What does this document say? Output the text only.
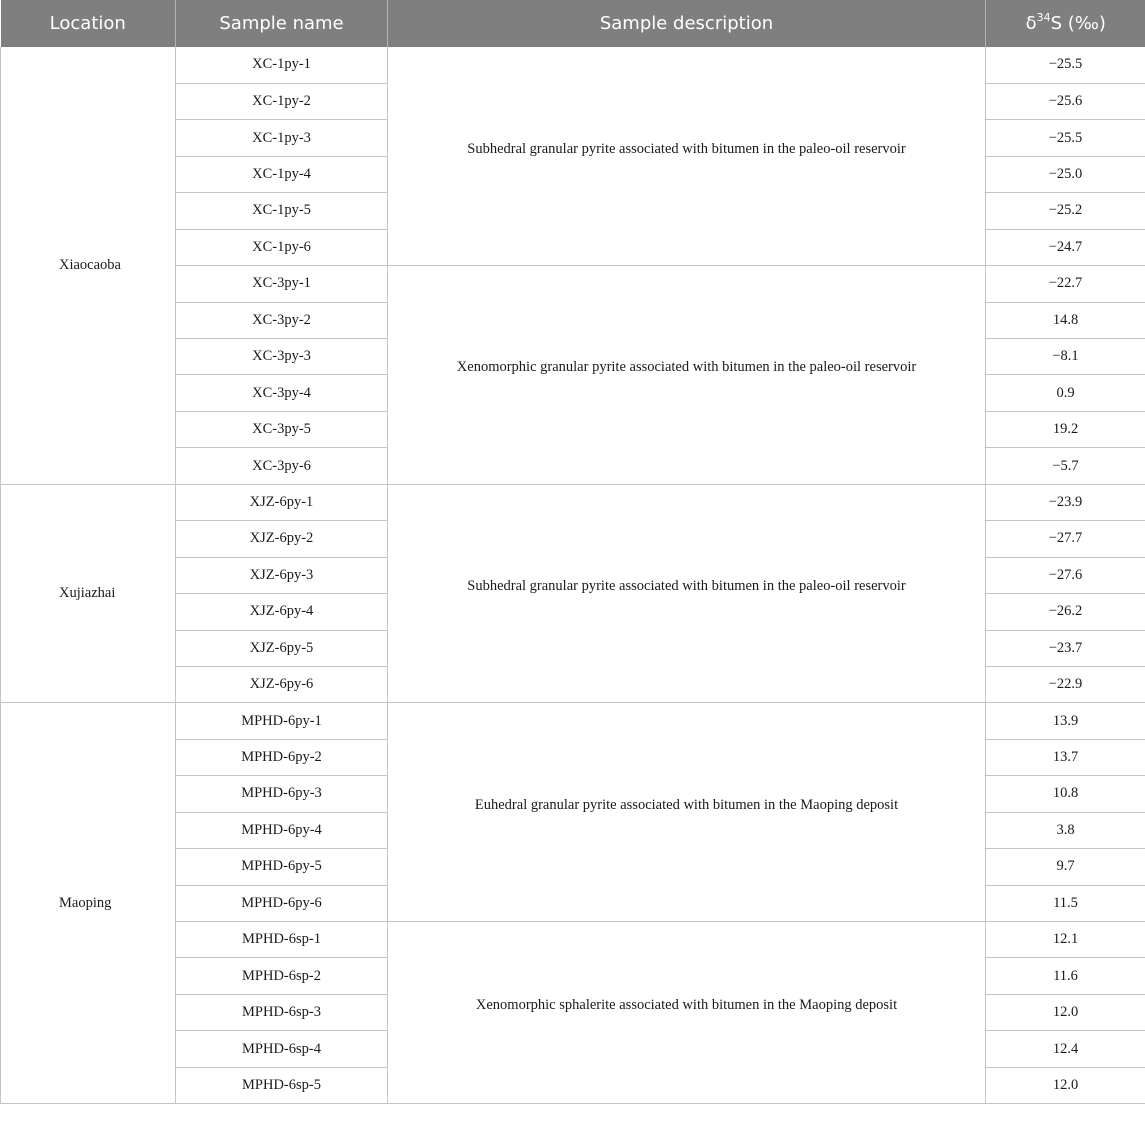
Location	Sample name	Sample description	$\delta^{34}S$ (‰)
Xiaocaoba	XC-1py-1	Subhedral granular pyrite associated with bitumen in the paleo-oil reservoir	−25.5
	XC-1py-2		−25.6
	XC-1py-3		−25.5
	XC-1py-4		−25.0
	XC-1py-5		−25.2
	XC-1py-6		−24.7
	XC-3py-1	Xenomorphic granular pyrite associated with bitumen in the paleo-oil reservoir	−22.7
	XC-3py-2		14.8
	XC-3py-3		−8.1
	XC-3py-4		0.9
	XC-3py-5		19.2
	XC-3py-6		−5.7
Xujiazhai	XJZ-6py-1	Subhedral granular pyrite associated with bitumen in the paleo-oil reservoir	−23.9
	XJZ-6py-2		−27.7
	XJZ-6py-3		−27.6
	XJZ-6py-4		−26.2
	XJZ-6py-5		−23.7
	XJZ-6py-6		−22.9
Maoping	MPHD-6py-1	Euhedral granular pyrite associated with bitumen in the Maoping deposit	13.9
	MPHD-6py-2		13.7
	MPHD-6py-3		10.8
	MPHD-6py-4		3.8
	MPHD-6py-5		9.7
	MPHD-6py-6		11.5
	MPHD-6sp-1	Xenomorphic sphalerite associated with bitumen in the Maoping deposit	12.1
	MPHD-6sp-2		11.6
	MPHD-6sp-3		12.0
	MPHD-6sp-4		12.4
	MPHD-6sp-5		12.0
